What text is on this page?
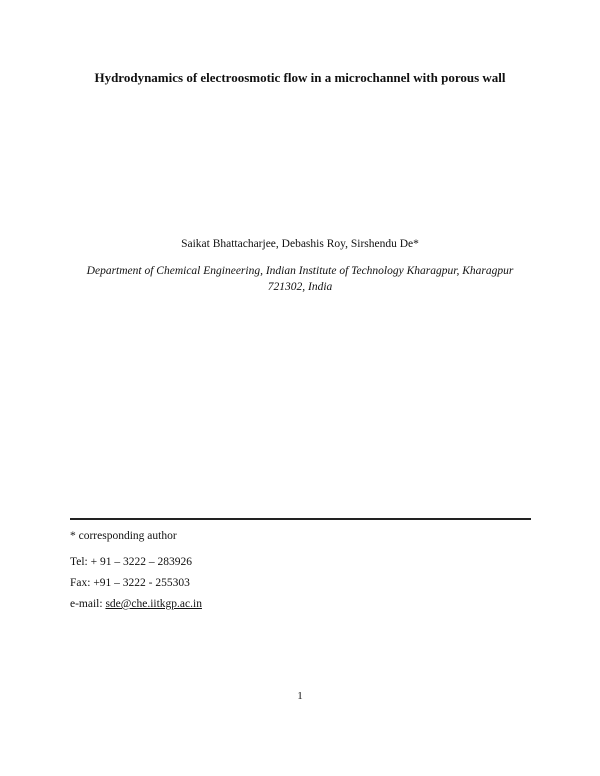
Hydrodynamics of electroosmotic flow in a microchannel with porous wall
Saikat Bhattacharjee, Debashis Roy, Sirshendu De*
Department of Chemical Engineering, Indian Institute of Technology Kharagpur, Kharagpur
721302, India
* corresponding author
Tel: + 91 – 3222 – 283926
Fax: +91 – 3222 - 255303
e-mail: sde@che.iitkgp.ac.in
1
